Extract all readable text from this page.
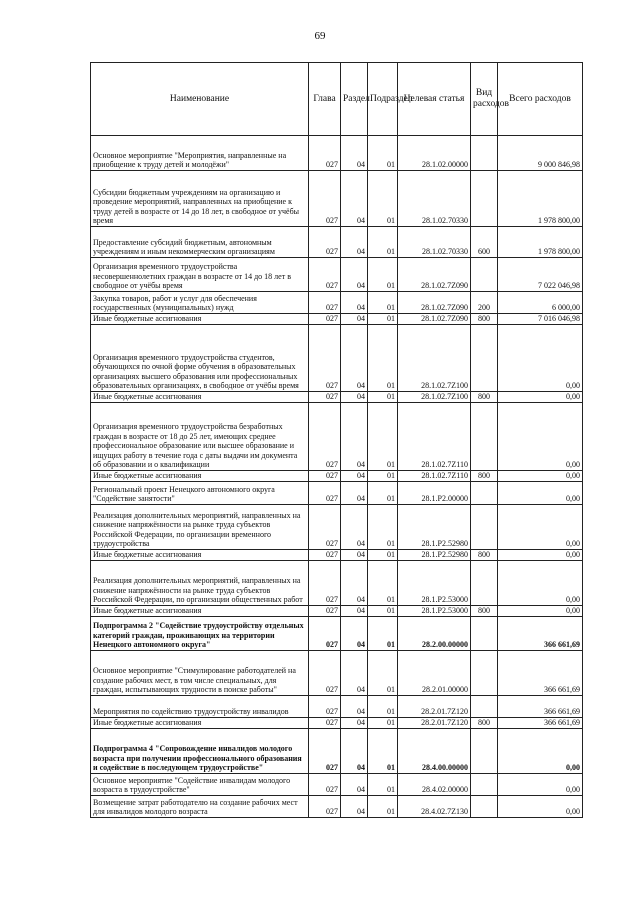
69
Наименование	Глава	Раздел	Подраздел	Целевая статья	Вид расходов	Всего расходов
Основное мероприятие "Мероприятия, направленные на приобщение к труду детей и молодёжи"	027	04	01	28.1.02.00000		9 000 846,98
Субсидии бюджетным учреждениям на организацию и проведение мероприятий, направленных на приобщение к труду детей в возрасте от 14 до 18 лет, в свободное от учёбы время	027	04	01	28.1.02.70330		1 978 800,00
Предоставление субсидий бюджетным, автономным учреждениям и иным некоммерческим организациям	027	04	01	28.1.02.70330	600	1 978 800,00
Организация временного трудоустройства несовершеннолетних граждан в возрасте от 14 до 18 лет в свободное от учёбы время	027	04	01	28.1.02.7Z090		7 022 046,98
Закупка товаров, работ и услуг для обеспечения государственных (муниципальных) нужд	027	04	01	28.1.02.7Z090	200	6 000,00
Иные бюджетные ассигнования	027	04	01	28.1.02.7Z090	800	7 016 046,98
Организация временного трудоустройства студентов, обучающихся по очной форме обучения в образовательных организациях высшего образования или профессиональных образовательных организациях, в свободное от учёбы время	027	04	01	28.1.02.7Z100		0,00
Иные бюджетные ассигнования	027	04	01	28.1.02.7Z100	800	0,00
Организация временного трудоустройства безработных граждан в возрасте от 18 до 25 лет, имеющих среднее профессиональное образование или высшее образование и ищущих работу в течение года с даты выдачи им документа об образовании и о квалификации	027	04	01	28.1.02.7Z110		0,00
Иные бюджетные ассигнования	027	04	01	28.1.02.7Z110	800	0,00
Региональный проект Ненецкого автономного округа "Содействие занятости"	027	04	01	28.1.P2.00000		0,00
Реализация дополнительных мероприятий, направленных на снижение напряжённости на рынке труда субъектов Российской Федерации, по организации временного трудоустройства	027	04	01	28.1.P2.52980		0,00
Иные бюджетные ассигнования	027	04	01	28.1.P2.52980	800	0,00
Реализация дополнительных мероприятий, направленных на снижение напряжённости на рынке труда субъектов Российской Федерации, по организации общественных работ	027	04	01	28.1.P2.53000		0,00
Иные бюджетные ассигнования	027	04	01	28.1.P2.53000	800	0,00
Подпрограмма 2 "Содействие трудоустройству отдельных категорий граждан, проживающих на территории Ненецкого автономного округа"	027	04	01	28.2.00.00000		366 661,69
Основное мероприятие "Стимулирование работодателей на создание рабочих мест, в том числе специальных, для граждан, испытывающих трудности в поиске работы"	027	04	01	28.2.01.00000		366 661,69
Мероприятия по содействию трудоустройству инвалидов	027	04	01	28.2.01.7Z120		366 661,69
Иные бюджетные ассигнования	027	04	01	28.2.01.7Z120	800	366 661,69
Подпрограмма 4 "Сопровождение инвалидов молодого возраста при получении профессионального образования и содействие в последующем трудоустройстве"	027	04	01	28.4.00.00000		0,00
Основное мероприятие "Содействие инвалидам молодого возраста в трудоустройстве"	027	04	01	28.4.02.00000		0,00
Возмещение затрат работодателю на создание рабочих мест для инвалидов молодого возраста	027	04	01	28.4.02.7Z130		0,00
